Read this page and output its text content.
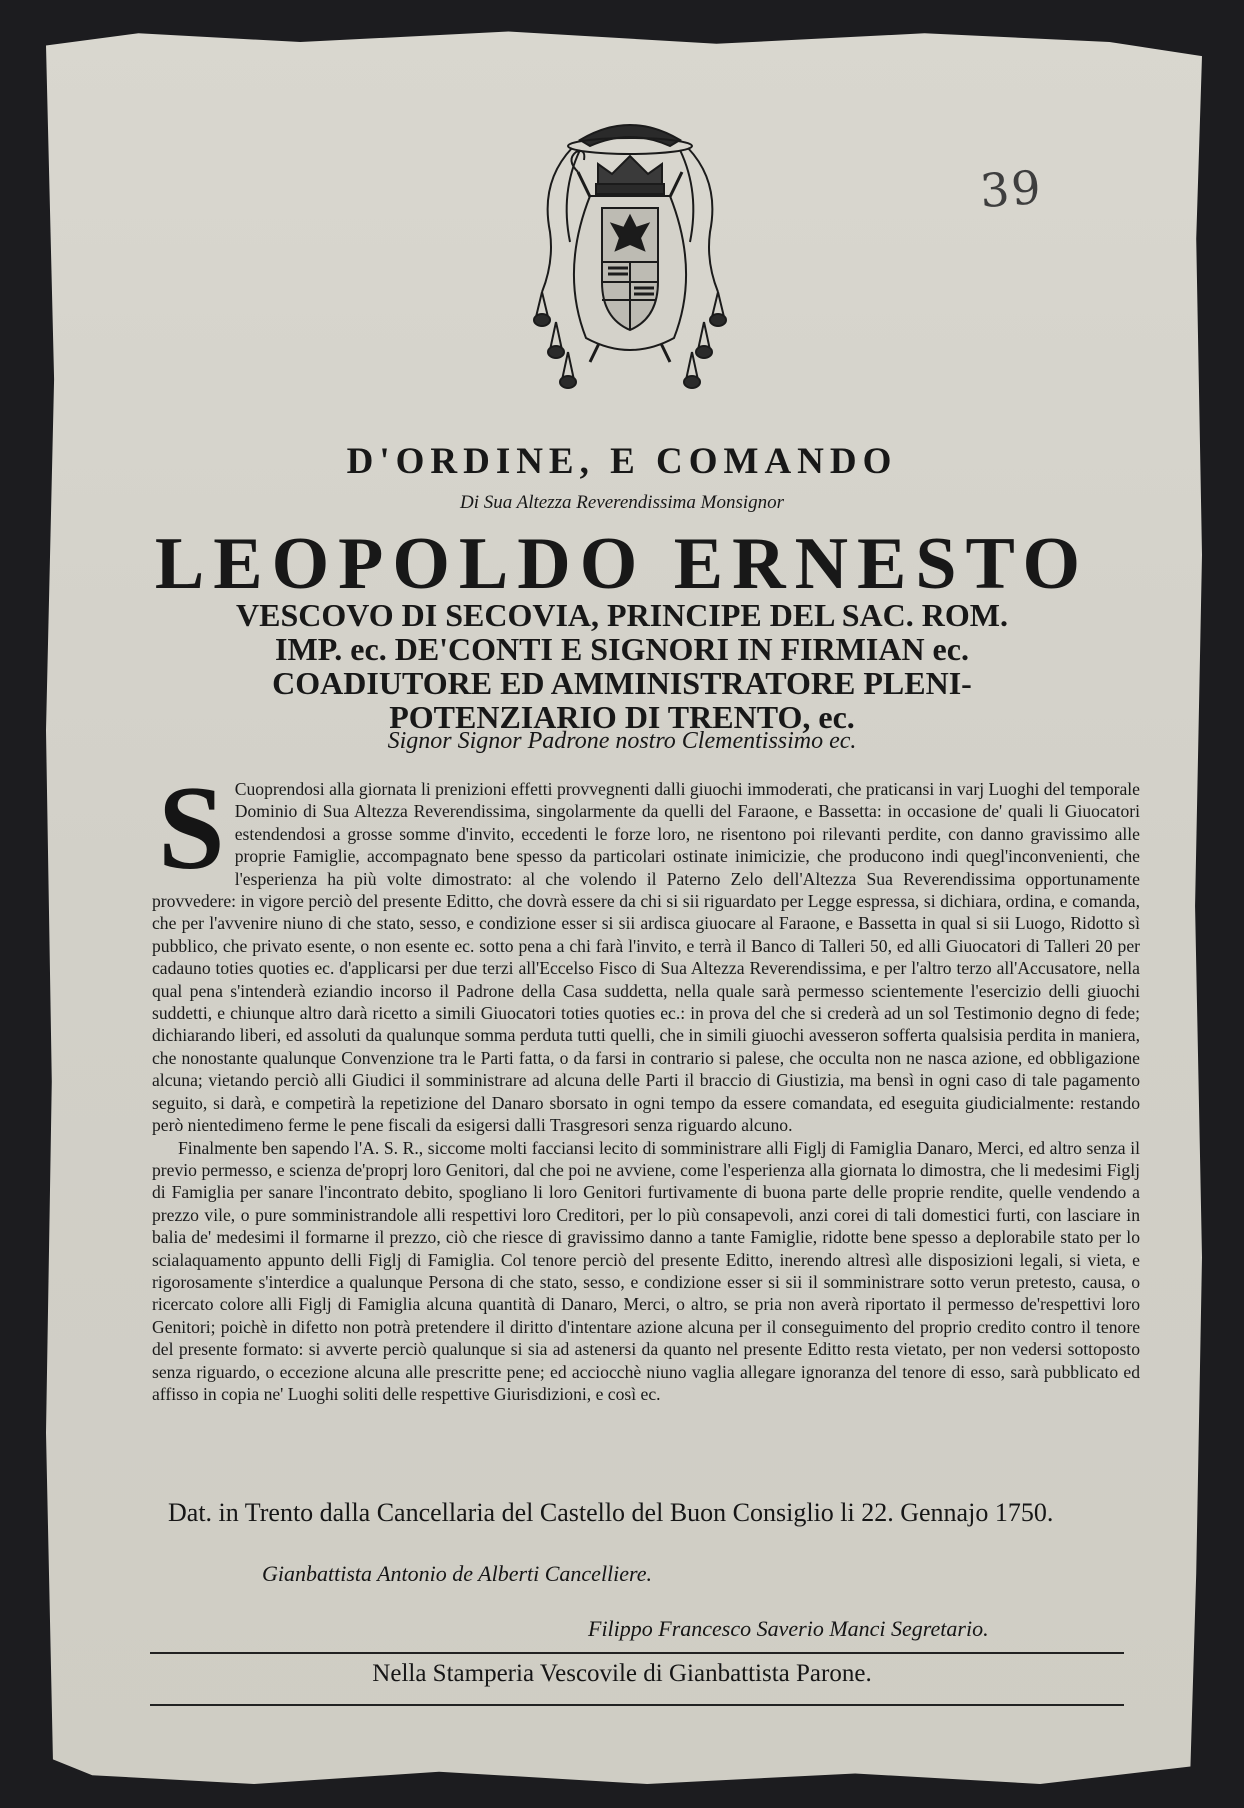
39
D'ORDINE, E COMANDO
Di Sua Altezza Reverendissima Monsignor
LEOPOLDO ERNESTO
VESCOVO DI SECOVIA, PRINCIPE DEL SAC. ROM.
IMP. ec. DE'CONTI E SIGNORI IN FIRMIAN ec.
COADIUTORE ED AMMINISTRATORE PLENI-
POTENZIARIO DI TRENTO, ec.
Signor Signor Padrone nostro Clementissimo ec.
S Cuoprendosi alla giornata li prenizioni effetti provvegnenti dalli giuochi immoderati, che praticansi in varj Luoghi del temporale Dominio di Sua Altezza Reverendissima, singolarmente da quelli del Faraone, e Bassetta: in occasione de' quali li Giuocatori estendendosi a grosse somme d'invito, eccedenti le forze loro, ne risentono poi rilevanti perdite, con danno gravissimo alle proprie Famiglie, accompagnato bene spesso da particolari ostinate inimicizie, che producono indi quegl'inconvenienti, che l'esperienza ha più volte dimostrato: al che volendo il Paterno Zelo dell'Altezza Sua Reverendissima opportunamente provvedere: in vigore perciò del presente Editto, che dovrà essere da chi si sii riguardato per Legge espressa, si dichiara, ordina, e comanda, che per l'avvenire niuno di che stato, sesso, e condizione esser si sii ardisca giuocare al Faraone, e Bassetta in qual si sii Luogo, Ridotto sì pubblico, che privato esente, o non esente ec. sotto pena a chi farà l'invito, e terrà il Banco di Talleri 50, ed alli Giuocatori di Talleri 20 per cadauno toties quoties ec. d'applicarsi per due terzi all'Eccelso Fisco di Sua Altezza Reverendissima, e per l'altro terzo all'Accusatore, nella qual pena s'intenderà eziandio incorso il Padrone della Casa suddetta, nella quale sarà permesso scientemente l'esercizio delli giuochi suddetti, e chiunque altro darà ricetto a simili Giuocatori toties quoties ec.: in prova del che si crederà ad un sol Testimonio degno di fede; dichiarando liberi, ed assoluti da qualunque somma perduta tutti quelli, che in simili giuochi avesseron sofferta qualsisia perdita in maniera, che nonostante qualunque Convenzione tra le Parti fatta, o da farsi in contrario si palese, che occulta non ne nasca azione, ed obbligazione alcuna; vietando perciò alli Giudici il somministrare ad alcuna delle Parti il braccio di Giustizia, ma bensì in ogni caso di tale pagamento seguito, si darà, e competirà la repetizione del Danaro sborsato in ogni tempo da essere comandata, ed eseguita giudicialmente: restando però nientedimeno ferme le pene fiscali da esigersi dalli Trasgresori senza riguardo alcuno.
Finalmente ben sapendo l'A. S. R., siccome molti facciansi lecito di somministrare alli Figlj di Famiglia Danaro, Merci, ed altro senza il previo permesso, e scienza de'proprj loro Genitori, dal che poi ne avviene, come l'esperienza alla giornata lo dimostra, che li medesimi Figlj di Famiglia per sanare l'incontrato debito, spogliano li loro Genitori furtivamente di buona parte delle proprie rendite, quelle vendendo a prezzo vile, o pure somministrandole alli respettivi loro Creditori, per lo più consapevoli, anzi corei di tali domestici furti, con lasciare in balia de' medesimi il formarne il prezzo, ciò che riesce di gravissimo danno a tante Famiglie, ridotte bene spesso a deplorabile stato per lo scialaquamento appunto delli Figlj di Famiglia. Col tenore perciò del presente Editto, inerendo altresì alle disposizioni legali, si vieta, e rigorosamente s'interdice a qualunque Persona di che stato, sesso, e condizione esser si sii il somministrare sotto verun pretesto, causa, o ricercato colore alli Figlj di Famiglia alcuna quantità di Danaro, Merci, o altro, se pria non averà riportato il permesso de'respettivi loro Genitori; poichè in difetto non potrà pretendere il diritto d'intentare azione alcuna per il conseguimento del proprio credito contro il tenore del presente formato: si avverte perciò qualunque si sia ad astenersi da quanto nel presente Editto resta vietato, per non vedersi sottoposto senza riguardo, o eccezione alcuna alle prescritte pene; ed acciocchè niuno vaglia allegare ignoranza del tenore di esso, sarà pubblicato ed affisso in copia ne' Luoghi soliti delle respettive Giurisdizioni, e così ec.
Dat. in Trento dalla Cancellaria del Castello del Buon Consiglio li 22. Gennajo 1750.
Gianbattista Antonio de Alberti Cancelliere.
Filippo Francesco Saverio Manci Segretario.
Nella Stamperia Vescovile di Gianbattista Parone.
